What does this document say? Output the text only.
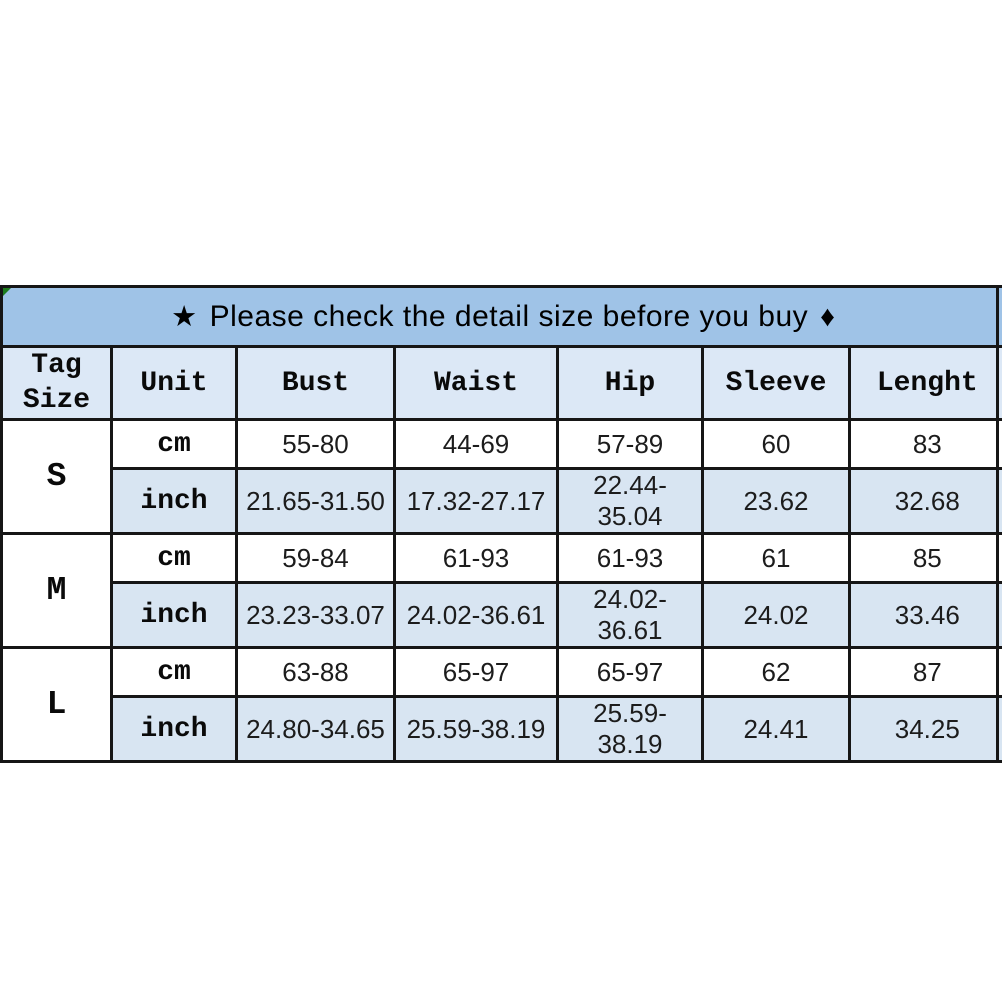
★ Please check the detail size before you buy ♦						
Tag Size	Unit	Bust	Waist	Hip	Sleeve	Lenght
S	cm	55-80	44-69	57-89	60	83
	inch	21.65-31.50	17.32-27.17	22.44-35.04	23.62	32.68
M	cm	59-84	61-93	61-93	61	85
	inch	23.23-33.07	24.02-36.61	24.02-36.61	24.02	33.46
L	cm	63-88	65-97	65-97	62	87
	inch	24.80-34.65	25.59-38.19	25.59-38.19	24.41	34.25
